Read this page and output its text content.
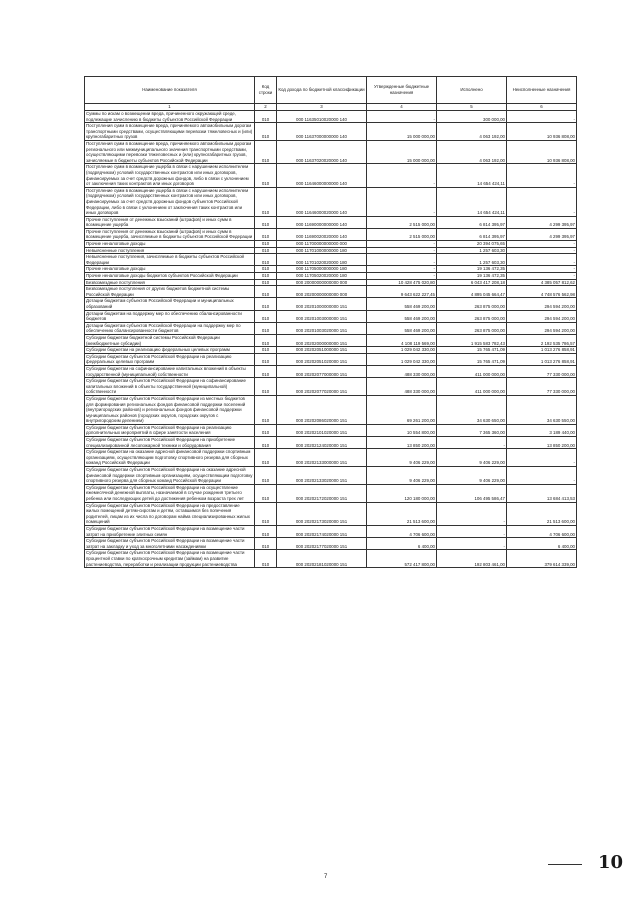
Наименование показателя	Код строки	Код дохода по бюджетной классификации	Утвержденные бюджетные назначения	Исполнено	Неисполненные назначения
1	2	3	4	5	6
Суммы по искам о возмещении вреда, причиненного окружающей среде, подлежащие зачислению в бюджеты субъектов Российской Федерации	010	000 11635010020000 140	-	300 000,00	-
Поступления сумм в возмещение вреда, причиняемого автомобильным дорогам транспортными средствами, осуществляющими перевозки тяжеловесных и (или) крупногабаритных грузов	010	000 11637000000000 140	15 000 000,00	4 063 192,00	10 936 808,00
Поступления сумм в возмещение вреда, причиняемого автомобильным дорогам регионального или межмуниципального значения транспортными средствами, осуществляющими перевозки тяжеловесных и (или) крупногабаритных грузов, зачисляемые в бюджеты субъектов Российской Федерации	010	000 11637020020000 140	15 000 000,00	4 063 192,00	10 936 808,00
Поступление сумм в возмещение ущерба в связи с нарушением исполнителем (подрядчиком) условий государственных контрактов или иных договоров, финансируемых за счет средств дорожных фондов, либо в связи с уклонением от заключения таких контрактов или иных договоров	010	000 11646000000000 140	-	14 654 424,11	-
Поступление сумм в возмещение ущерба в связи с нарушением исполнителем (подрядчиком) условий государственных контрактов или иных договоров, финансируемых за счет средств дорожных фондов субъектов Российской Федерации, либо в связи с уклонением от заключения таких контрактов или иных договоров	010	000 11646000020000 140	-	14 654 424,11	-
Прочие поступления от денежных взысканий (штрафов) и иных сумм в возмещение ущерба	010	000 11690000000000 140	2 515 000,00	6 814 395,97	4 299 395,97
Прочие поступления от денежных взысканий (штрафов) и иных сумм в возмещение ущерба, зачисляемые в бюджеты субъектов Российской Федерации	010	000 11690020020000 140	2 515 000,00	6 814 395,97	4 299 395,97
Прочие неналоговые доходы	010	000 11700000000000 000	-	20 394 075,65	-
Невыясненные поступления	010	000 11701000000000 180	-	1 257 603,30	-
Невыясненные поступления, зачисляемые в бюджеты субъектов Российской Федерации	010	000 11701020020000 180	-	1 257 603,30	-
Прочие неналоговые доходы	010	000 11705000000000 180	-	19 136 472,35	-
Прочие неналоговые доходы бюджетов субъектов Российской Федерации	010	000 11705020020000 180	-	19 136 472,35	-
Безвозмездные поступления	010	000 20000000000000 000	10 428 475 020,80	6 043 417 208,18	4 385 057 812,62
Безвозмездные поступления от других бюджетов бюджетной системы Российской Федерации	010	000 20200000000000 000	9 643 622 227,45	4 895 045 664,47	4 748 576 562,98
Дотации бюджетам субъектов Российской Федерации и муниципальных образований	010	000 20201000000000 151	558 469 200,00	263 875 000,00	294 594 200,00
Дотации бюджетам на поддержку мер по обеспечению сбалансированности бюджетов	010	000 20201003000000 151	558 469 200,00	263 875 000,00	294 594 200,00
Дотации бюджетам субъектов Российской Федерации на поддержку мер по обеспечению сбалансированности бюджетов	010	000 20201003020000 151	558 469 200,00	263 875 000,00	294 594 200,00
Субсидии бюджетам бюджетной системы Российской Федерации (межбюджетные субсидии)	010	000 20202000000000 151	4 108 119 569,00	1 915 583 782,43	2 192 535 786,57
Субсидии бюджетам на реализацию федеральных целевых программ	010	000 20202051000000 151	1 029 042 330,00	15 765 471,09	1 013 276 858,91
Субсидии бюджетам субъектов Российской Федерации на реализацию федеральных целевых программ	010	000 20202051020000 151	1 029 042 330,00	15 765 471,09	1 013 276 858,91
Субсидии бюджетам на софинансирование капитальных вложений в объекты государственной (муниципальной) собственности	010	000 20202077000000 151	488 330 000,00	411 000 000,00	77 330 000,00
Субсидии бюджетам субъектов Российской Федерации на софинансирование капитальных вложений в объекты государственной (муниципальной) собственности	010	000 20202077020000 151	488 330 000,00	411 000 000,00	77 330 000,00
Субсидии бюджетам субъектов Российской Федерации из местных бюджетов для формирования региональных фондов финансовой поддержки поселений (внутригородских районов) и региональных фондов финансовой поддержки муниципальных районов (городских округов, городских округов с внутригородским делением)	010	000 20202086020000 151	69 261 200,00	34 630 650,00	34 630 550,00
Субсидии бюджетам субъектов Российской Федерации на реализацию дополнительных мероприятий в сфере занятости населения	010	000 20202101020000 151	10 554 800,00	7 365 360,00	3 189 440,00
Субсидии бюджетам субъектов Российской Федерации на приобретение специализированной лесопожарной техники и оборудования	010	000 20202124020000 151	13 850 200,00	-	13 850 200,00
Субсидии бюджетам на оказание адресной финансовой поддержки спортивным организациям, осуществляющим подготовку спортивного резерва для сборных команд Российской Федерации	010	000 20202133000000 151	9 406 229,00	9 406 229,00	-
Субсидии бюджетам субъектов Российской Федерации на оказание адресной финансовой поддержки спортивным организациям, осуществляющим подготовку спортивного резерва для сборных команд Российской Федерации	010	000 20202133020000 151	9 406 229,00	9 406 229,00	-
Субсидии бюджетам субъектов Российской Федерации на осуществление ежемесячной денежной выплаты, назначаемой в случае рождения третьего ребенка или последующих детей до достижения ребенком возраста трех лет	010	000 20202172020000 151	120 180 000,00	106 495 586,47	13 684 413,53
Субсидии бюджетам субъектов Российской Федерации на предоставление жилых помещений детям-сиротам и детям, оставшимся без попечения родителей, лицам из их числа по договорам найма специализированных жилых помещений	010	000 20202173020000 151	21 513 600,00	-	21 513 600,00
Субсидии бюджетам субъектов Российской Федерации на возмещение части затрат на приобретение элитных семян	010	000 20202174020000 151	4 706 600,00	-	4 706 600,00
Субсидии бюджетам субъектов Российской Федерации на возмещение части затрат на закладку и уход за многолетними насаждениями	010	000 20202177020000 151	6 400,00	-	6 400,00
Субсидии бюджетам субъектов Российской Федерации на возмещение части процентной ставки по краткосрочным кредитам (займам) на развитие растениеводства, переработки и реализации продукции растениеводства	010	000 20202181020000 151	572 417 800,00	192 803 461,00	379 614 339,00
7
10
